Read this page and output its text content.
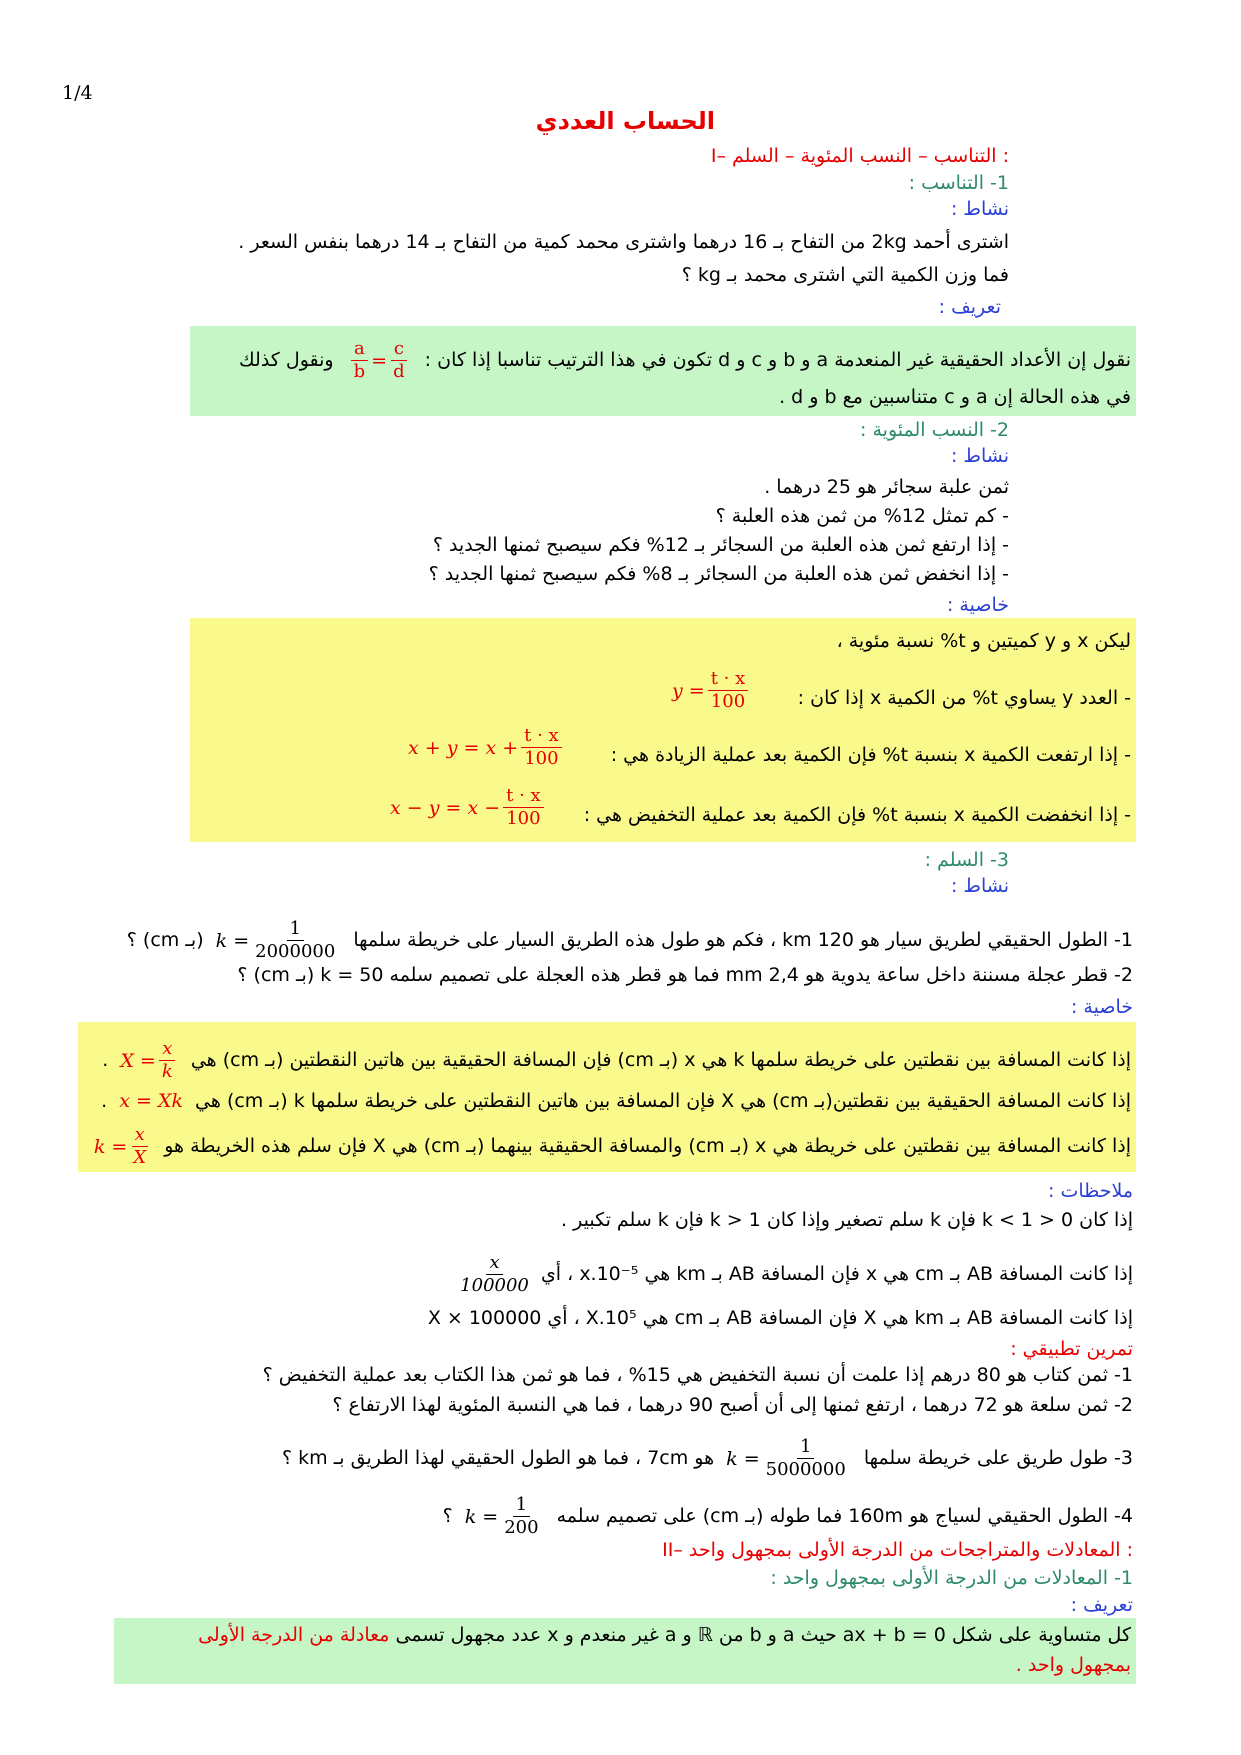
1/4
الحساب العددي
I– التناسب – النسب المئوية – السلم :
1- التناسب :
نشاط :
اشترى أحمد 2kg من التفاح بـ 16 درهما واشترى محمد كمية من التفاح بـ 14 درهما بنفس السعر .
فما وزن الكمية التي اشترى محمد بـ kg ؟
تعريف :
نقول إن الأعداد الحقيقية غير المنعدمة a و b و c و d تكون في هذا الترتيب تناسبا إذا كان :
$\frac{a}{b} = \frac{c}{d}$
ونقول كذلك
في هذه الحالة إن a و c متناسبين مع b و d .
2- النسب المئوية :
نشاط :
ثمن علبة سجائر هو 25 درهما .
- كم تمثل 12% من ثمن هذه العلبة ؟
- إذا ارتفع ثمن هذه العلبة من السجائر بـ 12% فكم سيصبح ثمنها الجديد ؟
- إذا انخفض ثمن هذه العلبة من السجائر بـ 8% فكم سيصبح ثمنها الجديد ؟
خاصية :
ليكن x و y كميتين و t% نسبة مئوية ،
- العدد y يساوي t% من الكمية x إذا كان :
$y = \frac{t \cdot x}{100}$
- إذا ارتفعت الكمية x بنسبة t% فإن الكمية بعد عملية الزيادة هي :
$x + y = x + \frac{t \cdot x}{100}$
- إذا انخفضت الكمية x بنسبة t% فإن الكمية بعد عملية التخفيض هي :
$x - y = x - \frac{t \cdot x}{100}$
3- السلم :
نشاط :
1- الطول الحقيقي لطريق سيار هو 120 km ، فكم هو طول هذه الطريق السيار على خريطة سلمها
$k = \frac{1}{2000000}$
(بـ cm) ؟
2- قطر عجلة مسننة داخل ساعة يدوية هو 2,4 mm فما هو قطر هذه العجلة على تصميم سلمه k = 50 (بـ cm) ؟
خاصية :
إذا كانت المسافة بين نقطتين على خريطة سلمها k هي x (بـ cm) فإن المسافة الحقيقية بين هاتين النقطتين (بـ cm) هي
$X = \frac{x}{k}$
.
إذا كانت المسافة الحقيقية بين نقطتين(بـ cm) هي X فإن المسافة بين هاتين النقطتين على خريطة سلمها k (بـ cm) هي
x = Xk
.
إذا كانت المسافة بين نقطتين على خريطة هي x (بـ cm) والمسافة الحقيقية بينهما (بـ cm) هي X فإن سلم هذه الخريطة هو
$k = \frac{x}{X}$
ملاحظات :
إذا كان 0 < k < 1 فإن k سلم تصغير وإذا كان k > 1 فإن k سلم تكبير .
إذا كانت المسافة AB بـ cm هي x فإن المسافة AB بـ km هي x.10⁻⁵ ، أي
$\frac{x}{100000}$
إذا كانت المسافة AB بـ km هي X فإن المسافة AB بـ cm هي X.10⁵ ، أي X × 100000
تمرين تطبيقي :
1- ثمن كتاب هو 80 درهم إذا علمت أن نسبة التخفيض هي 15% ، فما هو ثمن هذا الكتاب بعد عملية التخفيض ؟
2- ثمن سلعة هو 72 درهما ، ارتفع ثمنها إلى أن أصبح 90 درهما ، فما هي النسبة المئوية لهذا الارتفاع ؟
3- طول طريق على خريطة سلمها
$k = \frac{1}{5000000}$
هو 7cm ، فما هو الطول الحقيقي لهذا الطريق بـ km ؟
4- الطول الحقيقي لسياج هو 160m فما طوله (بـ cm) على تصميم سلمه
$k = \frac{1}{200}$
؟
II– المعادلات والمتراجحات من الدرجة الأولى بمجهول واحد :
1- المعادلات من الدرجة الأولى بمجهول واحد :
تعريف :
كل متساوية على شكل ax + b = 0 حيث a و b من ℝ و a غير منعدم و x عدد مجهول تسمى معادلة من الدرجة الأولى
بمجهول واحد .
